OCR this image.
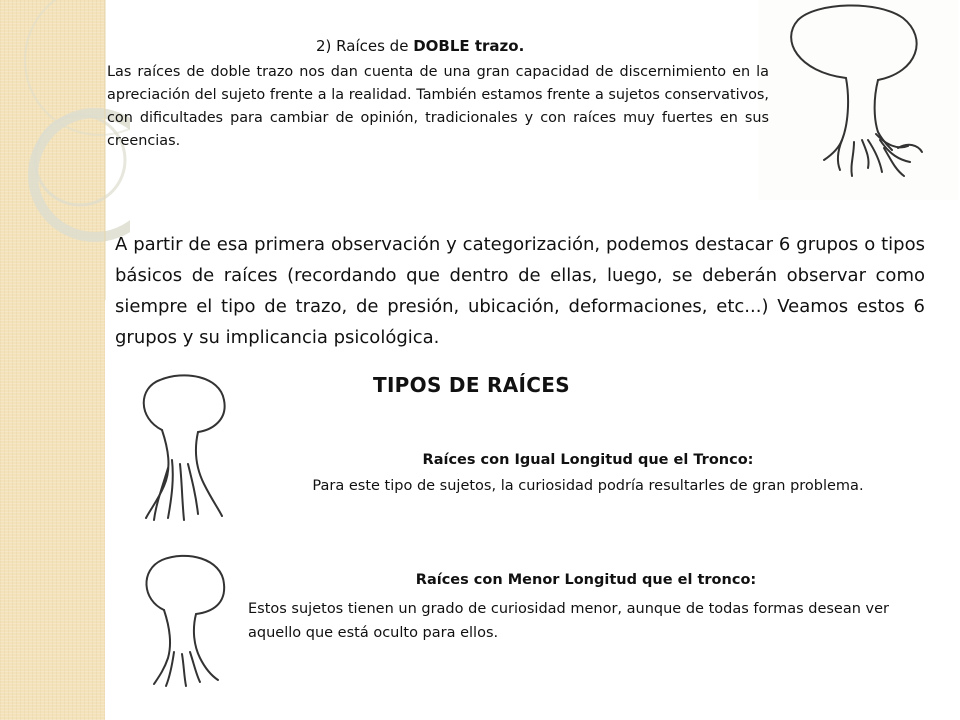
2) Raíces de DOBLE trazo.
Las raíces de doble trazo nos dan cuenta de una gran capacidad de discernimiento en la apreciación del sujeto frente a la realidad. También estamos frente a sujetos conservativos, con dificultades para cambiar de opinión, tradicionales y con raíces muy fuertes en sus creencias.
A partir de esa primera observación y categorización, podemos destacar 6 grupos o tipos básicos de raíces (recordando que dentro de ellas, luego, se deberán observar como siempre el tipo de trazo, de presión, ubicación, deformaciones, etc...) Veamos estos 6 grupos y su implicancia psicológica.
TIPOS DE RAÍCES
Raíces con Igual Longitud que el Tronco:
Para este tipo de sujetos, la curiosidad podría resultarles de gran problema.
Raíces con Menor Longitud que el tronco:
Estos sujetos tienen un grado de curiosidad menor, aunque de todas formas desean ver aquello que está oculto para ellos.
